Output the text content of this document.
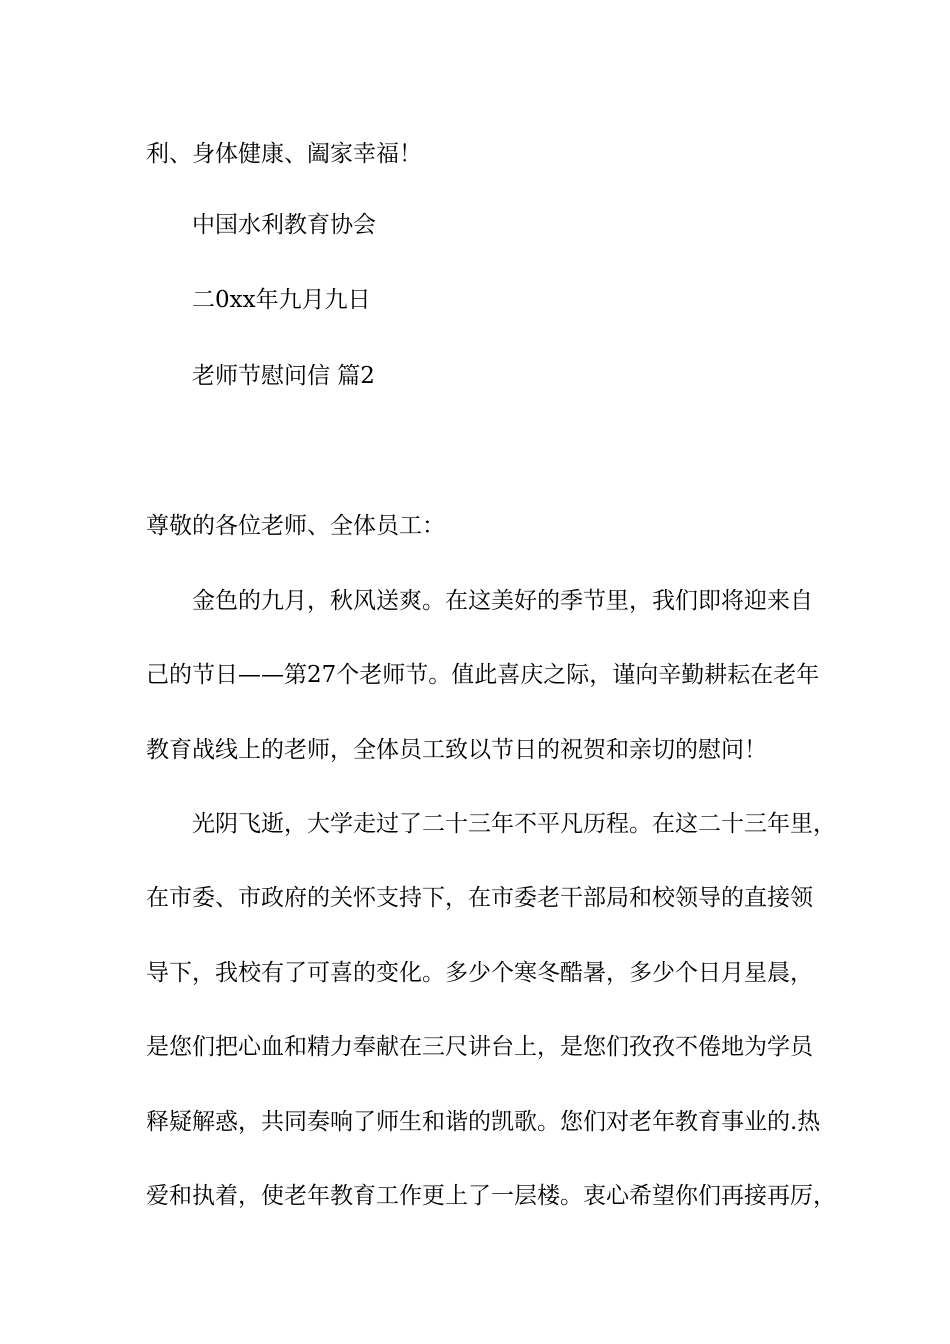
利、身体健康、阖家幸福！
中国水利教育协会
二0xx年九月九日
老师节慰问信 篇2
尊敬的各位老师、全体员工：
金色的九月，秋风送爽。在这美好的季节里，我们即将迎来自
己的节日——第27个老师节。值此喜庆之际，谨向辛勤耕耘在老年
教育战线上的老师，全体员工致以节日的祝贺和亲切的慰问！
光阴飞逝，大学走过了二十三年不平凡历程。在这二十三年里，
在市委、市政府的关怀支持下，在市委老干部局和校领导的直接领
导下，我校有了可喜的变化。多少个寒冬酷暑，多少个日月星晨，
是您们把心血和精力奉献在三尺讲台上，是您们孜孜不倦地为学员
释疑解惑，共同奏响了师生和谐的凯歌。您们对老年教育事业的.热
爱和执着，使老年教育工作更上了一层楼。衷心希望你们再接再厉，
